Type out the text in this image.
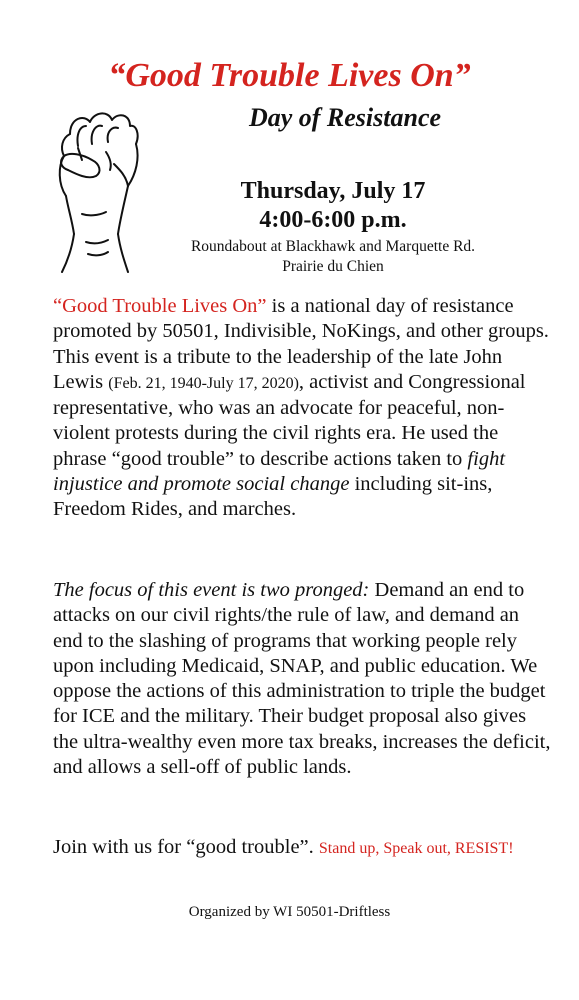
“Good Trouble Lives On”
Day of Resistance
Thursday, July 17
4:00-6:00 p.m.
Roundabout at Blackhawk and Marquette Rd.
Prairie du Chien
“Good Trouble Lives On” is a national day of resistance promoted by 50501, Indivisible, NoKings, and other groups. This event is a tribute to the leadership of the late John Lewis (Feb. 21, 1940-July 17, 2020), activist and Congressional representative, who was an advocate for peaceful, non-violent protests during the civil rights era. He used the phrase “good trouble” to describe actions taken to fight injustice and promote social change including sit-ins, Freedom Rides, and marches.
The focus of this event is two pronged: Demand an end to attacks on our civil rights/the rule of law, and demand an end to the slashing of programs that working people rely upon including Medicaid, SNAP, and public education. We oppose the actions of this administration to triple the budget for ICE and the military. Their budget proposal also gives the ultra-wealthy even more tax breaks, increases the deficit, and allows a sell-off of public lands.
Join with us for “good trouble”. Stand up, Speak out, RESIST!
Organized by WI 50501-Driftless
